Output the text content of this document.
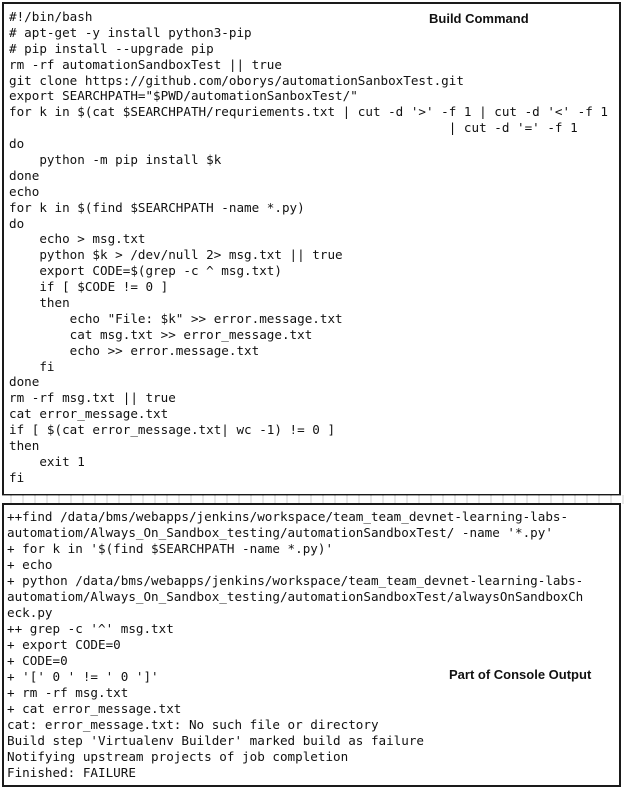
Build Command
#!/bin/bash
# apt-get -y install python3-pip
# pip install --upgrade pip
rm -rf automationSandboxTest || true
git clone https://github.com/oborys/automationSanboxTest.git
export SEARCHPATH="$PWD/automationSanboxTest/"
for k in $(cat $SEARCHPATH/requriements.txt | cut -d '>' -f 1 | cut -d '<' -f 1
| cut -d '=' -f 1
do
python -m pip install $k
done
echo
for k in $(find $SEARCHPATH -name *.py)
do
echo > msg.txt
python $k > /dev/null 2> msg.txt || true
export CODE=$(grep -c ^ msg.txt)
if [ $CODE != 0 ]
then
echo "File: $k" >> error.message.txt
cat msg.txt >> error_message.txt
echo >> error.message.txt
fi
done
rm -rf msg.txt || true
cat error_message.txt
if [ $(cat error_message.txt| wc -1) != 0 ]
then
exit 1
fi
Part of Console Output
++find /data/bms/webapps/jenkins/workspace/team_team_devnet-learning-labs-
automatiom/Always_On_Sandbox_testing/automationSandboxTest/ -name '*.py'
+ for k in '$(find $SEARCHPATH -name *.py)'
+ echo
+ python /data/bms/webapps/jenkins/workspace/team_team_devnet-learning-labs-
automatiom/Always_On_Sandbox_testing/automationSandboxTest/alwaysOnSandboxCh
eck.py
++ grep -c '^' msg.txt
+ export CODE=0
+ CODE=0
+ '[' 0 ' != ' 0 ']'
+ rm -rf msg.txt
+ cat error_message.txt
cat: error_message.txt: No such file or directory
Build step 'Virtualenv Builder' marked build as failure
Notifying upstream projects of job completion
Finished: FAILURE
